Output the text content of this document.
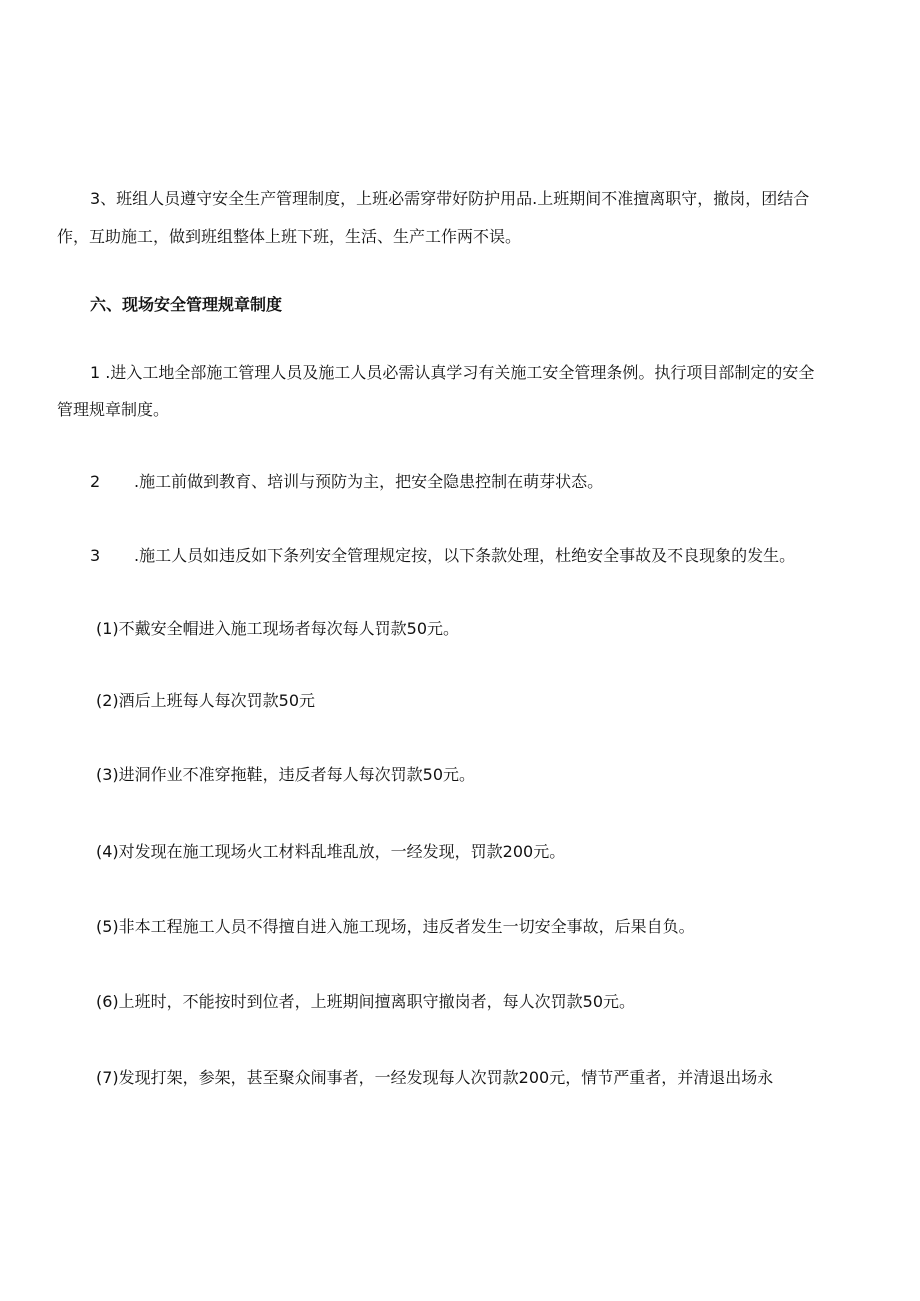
3、班组人员遵守安全生产管理制度，上班必需穿带好防护用品.上班期间不准擅离职守，撤岗，团结合
作，互助施工，做到班组整体上班下班，生活、生产工作两不误。
六、现场安全管理规章制度
1 .进入工地全部施工管理人员及施工人员必需认真学习有关施工安全管理条例。执行项目部制定的安全
管理规章制度。
2 .施工前做到教育、培训与预防为主，把安全隐患控制在萌芽状态。
3 .施工人员如违反如下条列安全管理规定按，以下条款处理，杜绝安全事故及不良现象的发生。
(1)不戴安全帽进入施工现场者每次每人罚款50元。
(2)酒后上班每人每次罚款50元
(3)进洞作业不准穿拖鞋，违反者每人每次罚款50元。
(4)对发现在施工现场火工材料乱堆乱放，一经发现，罚款200元。
(5)非本工程施工人员不得擅自进入施工现场，违反者发生一切安全事故，后果自负。
(6)上班时，不能按时到位者，上班期间擅离职守撤岗者，每人次罚款50元。
(7)发现打架，参架，甚至聚众闹事者，一经发现每人次罚款200元，情节严重者，并清退出场永
